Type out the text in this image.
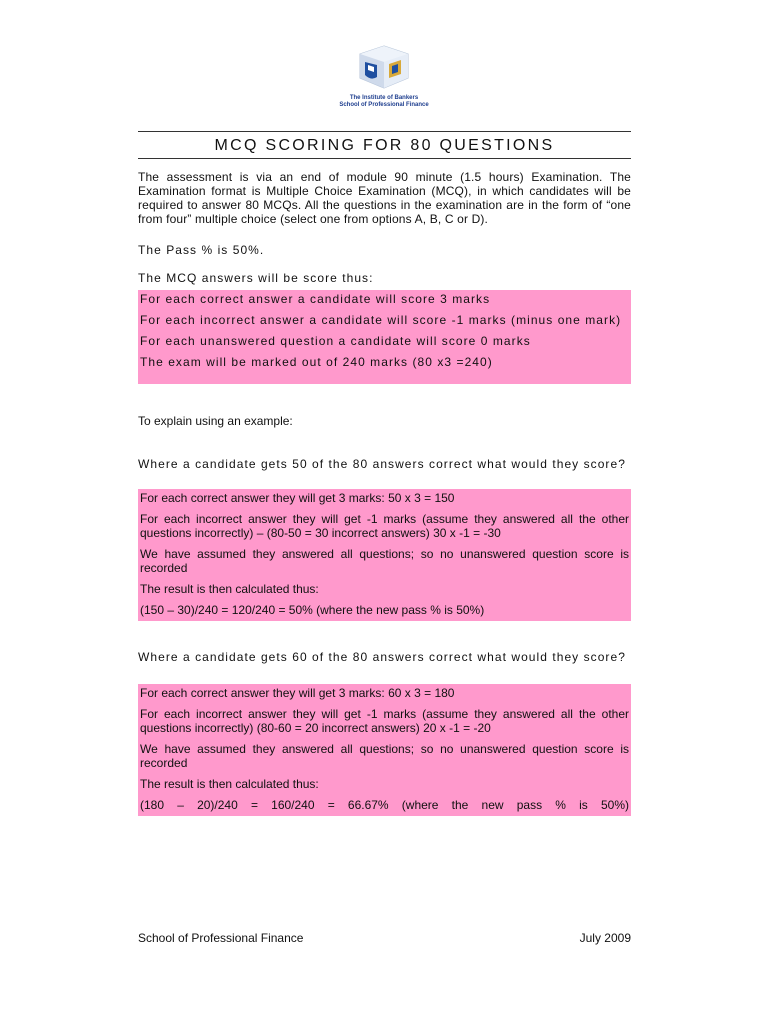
The Institute of Bankers
School of Professional Finance
MCQ SCORING FOR 80 QUESTIONS
The assessment is via an end of module 90 minute (1.5 hours) Examination. The Examination format is Multiple Choice Examination (MCQ), in which candidates will be required to answer 80 MCQs. All the questions in the examination are in the form of “one from four” multiple choice (select one from options A, B, C or D).
The Pass % is 50%.
The MCQ answers will be score thus:

For each correct answer a candidate will score 3 marks

For each incorrect answer a candidate will score -1 marks (minus one mark)

For each unanswered question a candidate will score 0 marks

The exam will be marked out of 240 marks (80 x3 =240)

To explain using an example:
Where a candidate gets 50 of the 80 answers correct what would they score?

For each correct answer they will get 3 marks: 50 x 3 = 150

For each incorrect answer they will get -1 marks (assume they answered all the other questions incorrectly) – (80-50 = 30 incorrect answers) 30 x -1 = -30

We have assumed they answered all questions; so no unanswered question score is recorded

The result is then calculated thus:

(150 – 30)/240 = 120/240 = 50% (where the new pass % is 50%)

Where a candidate gets 60 of the 80 answers correct what would they score?

For each correct answer they will get 3 marks: 60 x 3 = 180

For each incorrect answer they will get -1 marks (assume they answered all the other questions incorrectly) (80-60 = 20 incorrect answers) 20 x -1 = -20

We have assumed they answered all questions; so no unanswered question score is recorded

The result is then calculated thus:

(180 – 20)/240 = 160/240 = 66.67% (where the new pass % is 50%)

School of Professional Finance	July 2009
